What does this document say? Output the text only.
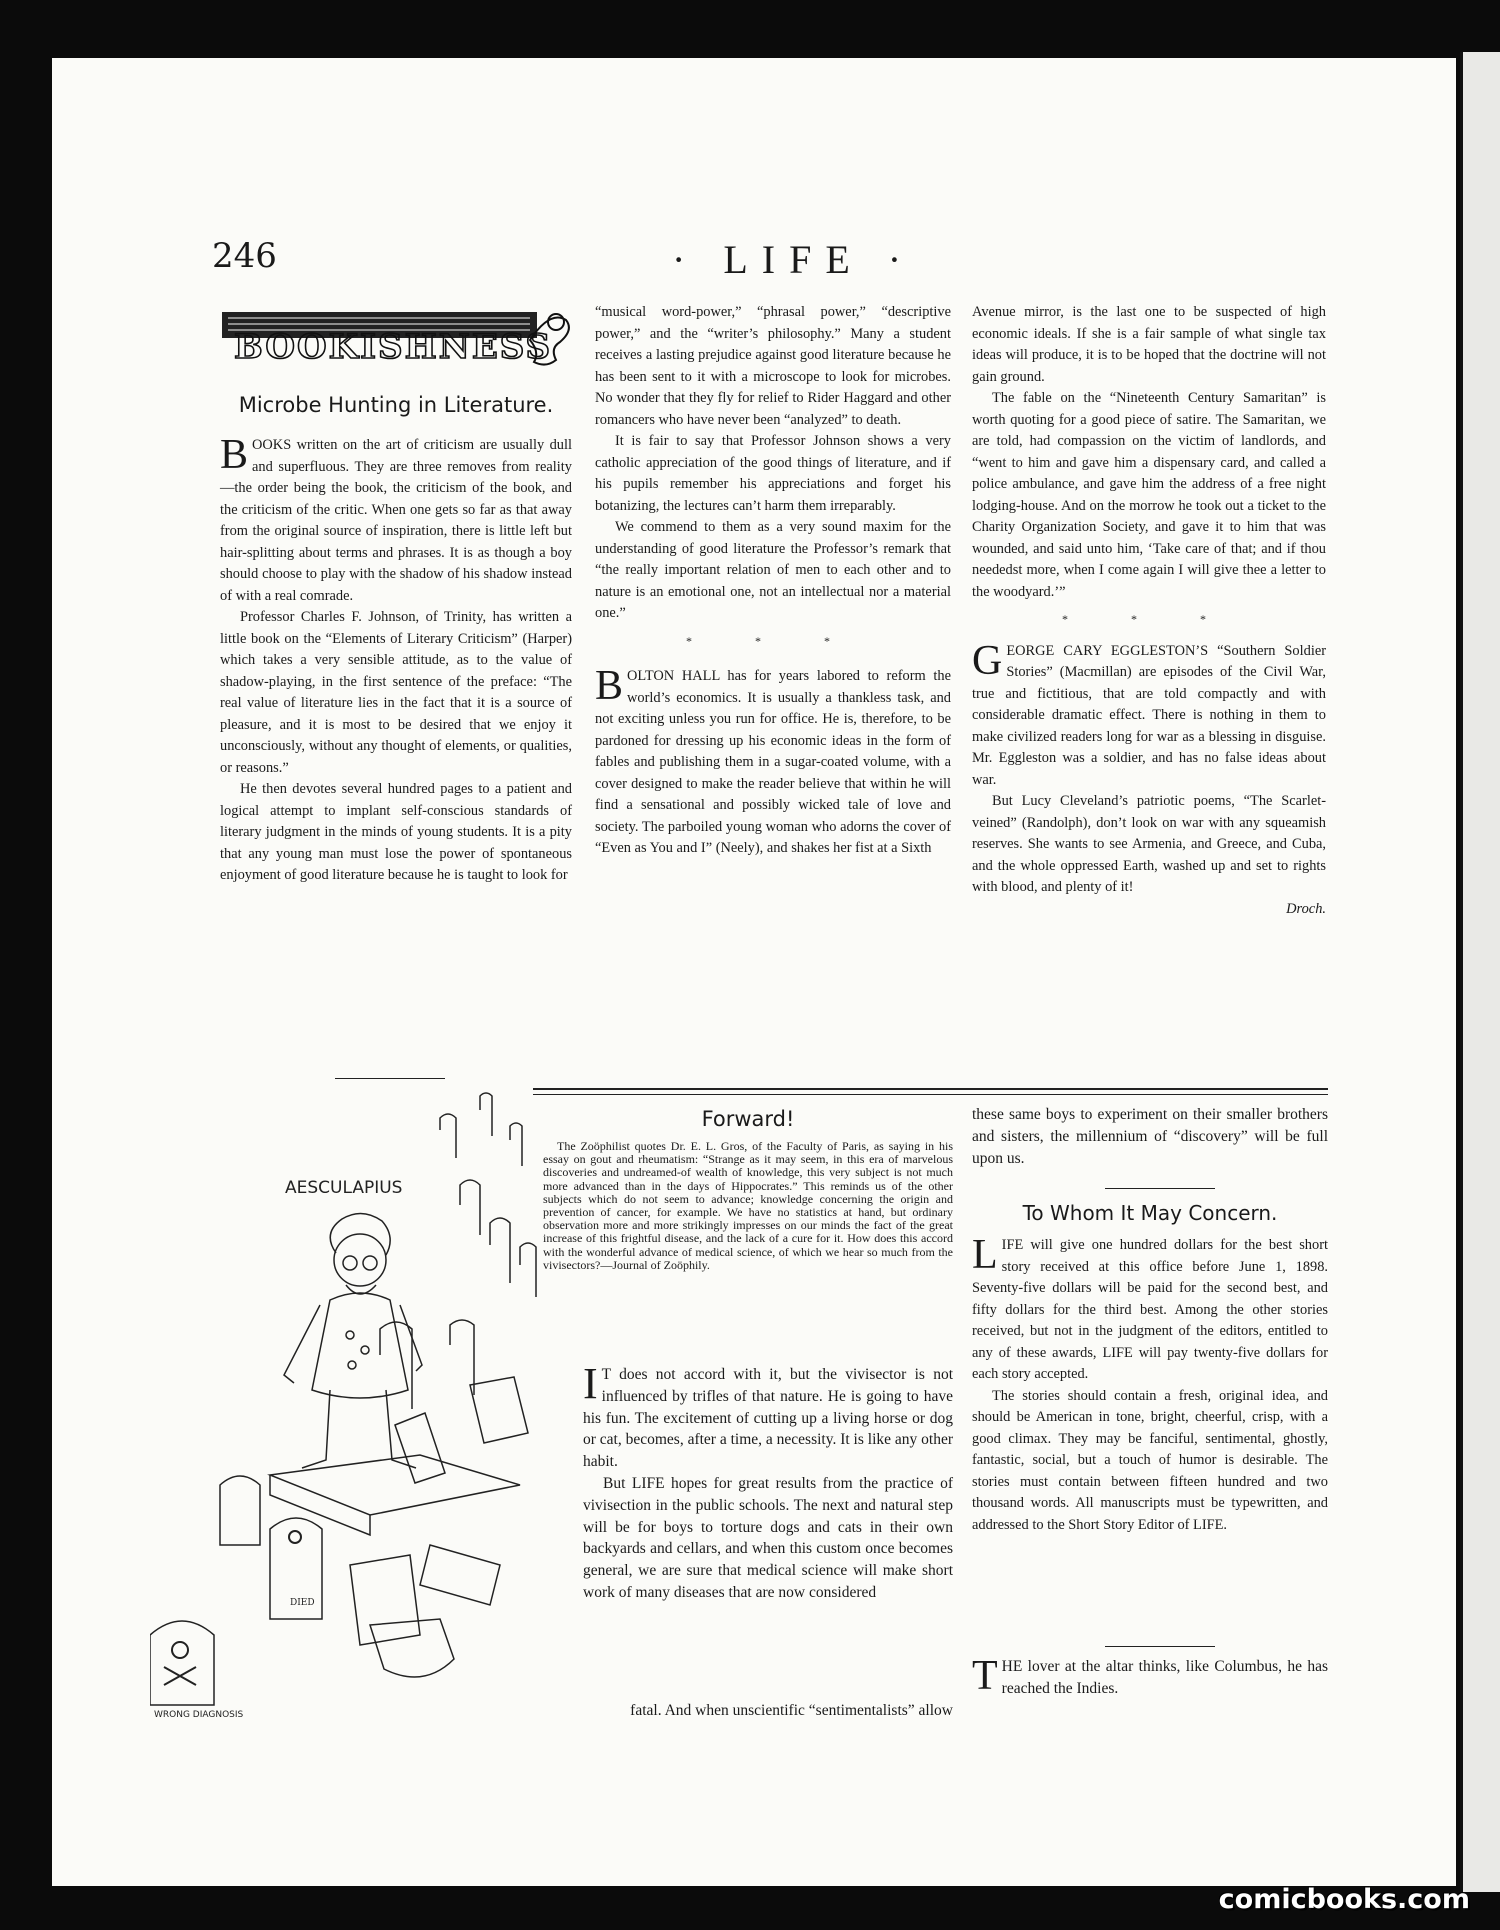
246	· LIFE ·
BOOKISHNESS
Microbe Hunting in Literature.

BOOKS written on the art of criticism are usually dull and superfluous. They are three removes from reality—the order being the book, the criticism of the book, and the criticism of the critic. When one gets so far as that away from the original source of inspiration, there is little left but hair-splitting about terms and phrases. It is as though a boy should choose to play with the shadow of his shadow instead of with a real comrade.

Professor Charles F. Johnson, of Trinity, has written a little book on the “Elements of Literary Criticism” (Harper) which takes a very sensible attitude, as to the value of shadow-playing, in the first sentence of the preface: “The real value of literature lies in the fact that it is a source of pleasure, and it is most to be desired that we enjoy it unconsciously, without any thought of elements, or qualities, or reasons.”

He then devotes several hundred pages to a patient and logical attempt to implant self-conscious standards of literary judgment in the minds of young students. It is a pity that any young man must lose the power of spontaneous enjoyment of good literature because he is taught to look for

“musical word-power,” “phrasal power,” “descriptive power,” and the “writer’s philosophy.” Many a student receives a lasting prejudice against good literature because he has been sent to it with a microscope to look for microbes. No wonder that they fly for relief to Rider Haggard and other romancers who have never been “analyzed” to death.

It is fair to say that Professor Johnson shows a very catholic appreciation of the good things of literature, and if his pupils remember his appreciations and forget his botanizing, the lectures can’t harm them irreparably.

We commend to them as a very sound maxim for the understanding of good literature the Professor’s remark that “the really important relation of men to each other and to nature is an emotional one, not an intellectual nor a material one.”

* * *

BOLTON HALL has for years labored to reform the world’s economics. It is usually a thankless task, and not exciting unless you run for office. He is, therefore, to be pardoned for dressing up his economic ideas in the form of fables and publishing them in a sugar-coated volume, with a cover designed to make the reader believe that within he will find a sensational and possibly wicked tale of love and society. The parboiled young woman who adorns the cover of “Even as You and I” (Neely), and shakes her fist at a Sixth

Avenue mirror, is the last one to be suspected of high economic ideals. If she is a fair sample of what single tax ideas will produce, it is to be hoped that the doctrine will not gain ground.

The fable on the “Nineteenth Century Samaritan” is worth quoting for a good piece of satire. The Samaritan, we are told, had compassion on the victim of landlords, and “went to him and gave him a dispensary card, and called a police ambulance, and gave him the address of a free night lodging-house. And on the morrow he took out a ticket to the Charity Organization Society, and gave it to him that was wounded, and said unto him, ‘Take care of that; and if thou neededst more, when I come again I will give thee a letter to the woodyard.’”

* * *

GEORGE CARY EGGLESTON’S “Southern Soldier Stories” (Macmillan) are episodes of the Civil War, true and fictitious, that are told compactly and with considerable dramatic effect. There is nothing in them to make civilized readers long for war as a blessing in disguise. Mr. Eggleston was a soldier, and has no false ideas about war.

But Lucy Cleveland’s patriotic poems, “The Scarlet-veined” (Randolph), don’t look on war with any squeamish reserves. She wants to see Armenia, and Greece, and Cuba, and the whole oppressed Earth, washed up and set to rights with blood, and plenty of it!

Droch.

AESCULAPIUS
DIED
WRONG DIAGNOSIS
Forward!

The Zoöphilist quotes Dr. E. L. Gros, of the Faculty of Paris, as saying in his essay on gout and rheumatism: “Strange as it may seem, in this era of marvelous discoveries and undreamed-of wealth of knowledge, this very subject is not much more advanced than in the days of Hippocrates.” This reminds us of the other subjects which do not seem to advance; knowledge concerning the origin and prevention of cancer, for example. We have no statistics at hand, but ordinary observation more and more strikingly impresses on our minds the fact of the great increase of this frightful disease, and the lack of a cure for it. How does this accord with the wonderful advance of medical science, of which we hear so much from the vivisectors?—Journal of Zoöphily.

I T does not accord with it, but the vivisector is not influenced by trifles of that nature. He is going to have his fun. The excitement of cutting up a living horse or dog or cat, becomes, after a time, a necessity. It is like any other habit.

But LIFE hopes for great results from the practice of vivisection in the public schools. The next and natural step will be for boys to torture dogs and cats in their own backyards and cellars, and when this custom once becomes general, we are sure that medical science will make short work of many diseases that are now considered

fatal. And when unscientific “sentimentalists” allow

these same boys to experiment on their smaller brothers and sisters, the millennium of “discovery” will be full upon us.

To Whom It May Concern.

LIFE will give one hundred dollars for the best short story received at this office before June 1, 1898. Seventy-five dollars will be paid for the second best, and fifty dollars for the third best. Among the other stories received, but not in the judgment of the editors, entitled to any of these awards, LIFE will pay twenty-five dollars for each story accepted.

The stories should contain a fresh, original idea, and should be American in tone, bright, cheerful, crisp, with a good climax. They may be fanciful, sentimental, ghostly, fantastic, social, but a touch of humor is desirable. The stories must contain between fifteen hundred and two thousand words. All manuscripts must be typewritten, and addressed to the Short Story Editor of LIFE.

THE lover at the altar thinks, like Columbus, he has reached the Indies.

comicbooks.com
